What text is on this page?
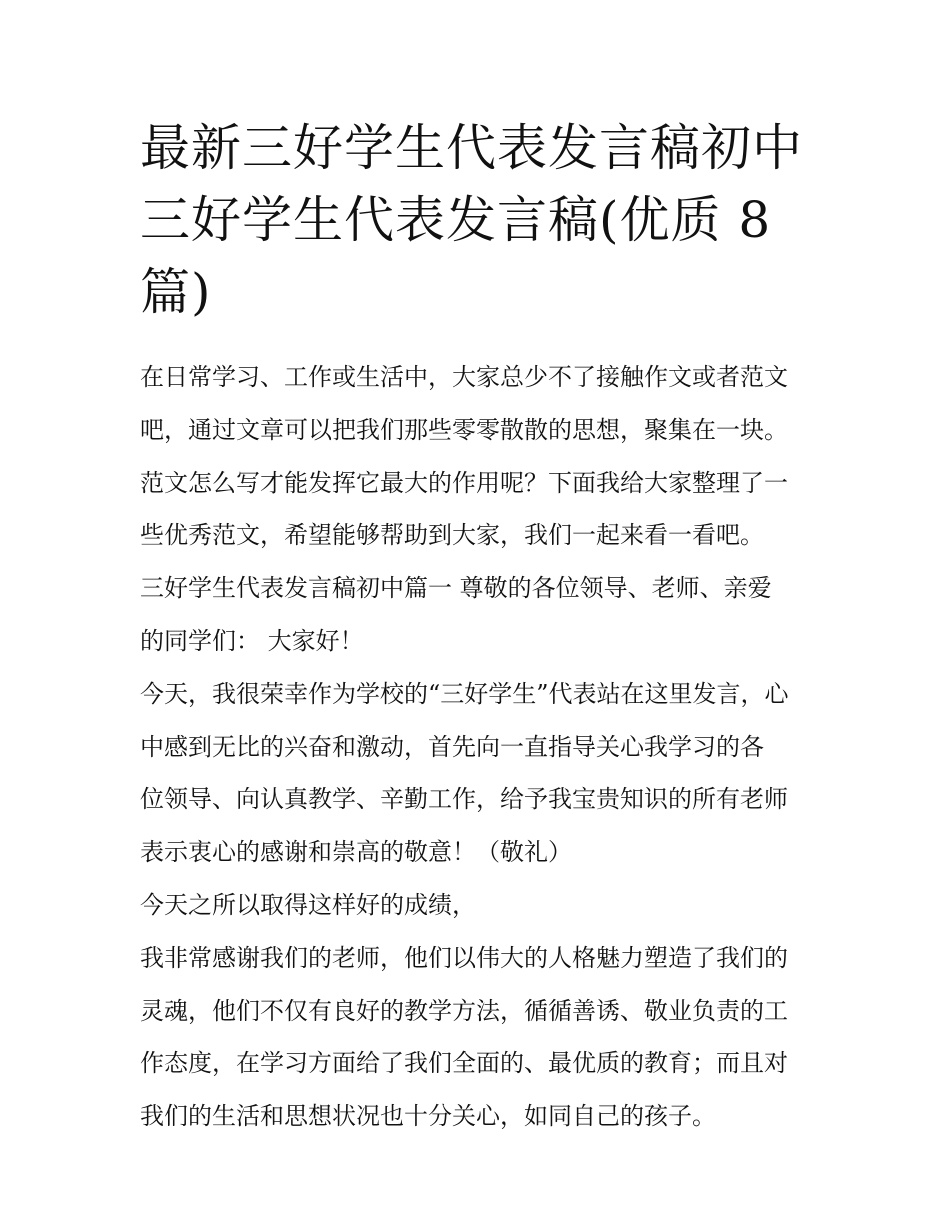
最新三好学生代表发言稿初中
三好学生代表发言稿(优质 8
篇)
在日常学习、工作或生活中，大家总少不了接触作文或者范文
吧，通过文章可以把我们那些零零散散的思想，聚集在一块。
范文怎么写才能发挥它最大的作用呢？下面我给大家整理了一
些优秀范文，希望能够帮助到大家，我们一起来看一看吧。
三好学生代表发言稿初中篇一 尊敬的各位领导、老师、亲爱
的同学们： 大家好！
今天，我很荣幸作为学校的“三好学生”代表站在这里发言，心
中感到无比的兴奋和激动，首先向一直指导关心我学习的各
位领导、向认真教学、辛勤工作，给予我宝贵知识的所有老师
表示衷心的感谢和崇高的敬意！（敬礼）
今天之所以取得这样好的成绩，
我非常感谢我们的老师，他们以伟大的人格魅力塑造了我们的
灵魂，他们不仅有良好的教学方法，循循善诱、敬业负责的工
作态度，在学习方面给了我们全面的、最优质的教育；而且对
我们的生活和思想状况也十分关心，如同自己的孩子。
